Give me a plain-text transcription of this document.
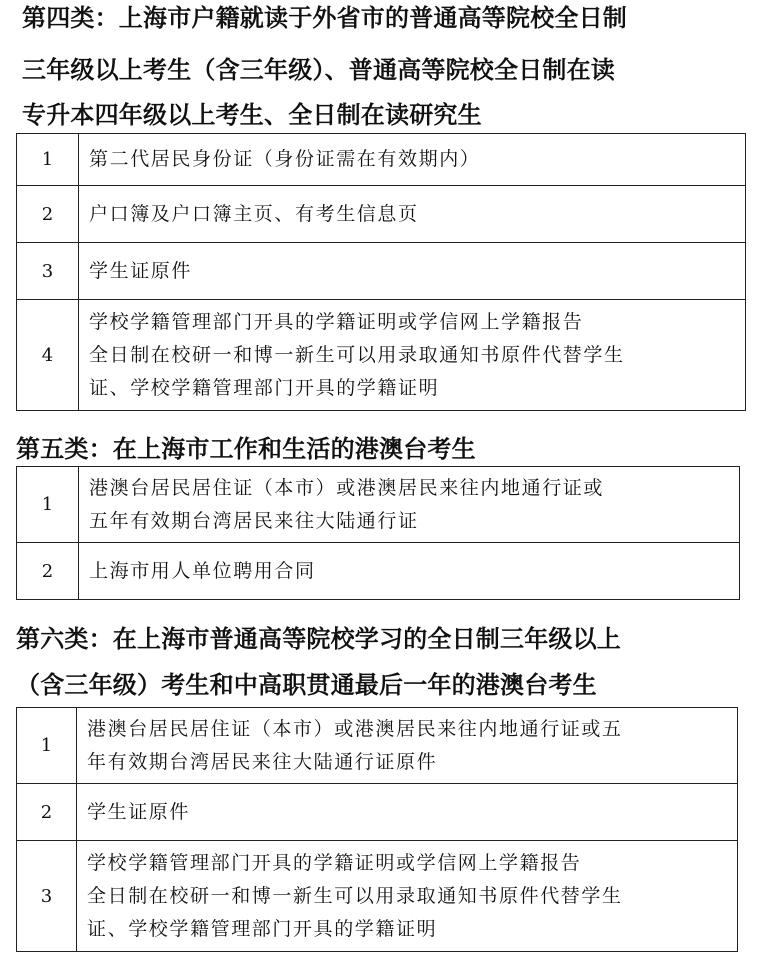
第四类：上海市户籍就读于外省市的普通高等院校全日制
三年级以上考生（含三年级）、普通高等院校全日制在读
专升本四年级以上考生、全日制在读研究生
1	第二代居民身份证（身份证需在有效期内）

2	户口簿及户口簿主页、有考生信息页

3	学生证原件

4	学校学籍管理部门开具的学籍证明或学信网上学籍报告
全日制在校研一和博一新生可以用录取通知书原件代替学生
证、学校学籍管理部门开具的学籍证明
第五类：在上海市工作和生活的港澳台考生
1	港澳台居民居住证（本市）或港澳居民来往内地通行证或
五年有效期台湾居民来往大陆通行证

2	上海市用人单位聘用合同
第六类：在上海市普通高等院校学习的全日制三年级以上
（含三年级）考生和中高职贯通最后一年的港澳台考生
1	港澳台居民居住证（本市）或港澳居民来往内地通行证或五
年有效期台湾居民来往大陆通行证原件

2	学生证原件

3	学校学籍管理部门开具的学籍证明或学信网上学籍报告
全日制在校研一和博一新生可以用录取通知书原件代替学生
证、学校学籍管理部门开具的学籍证明
